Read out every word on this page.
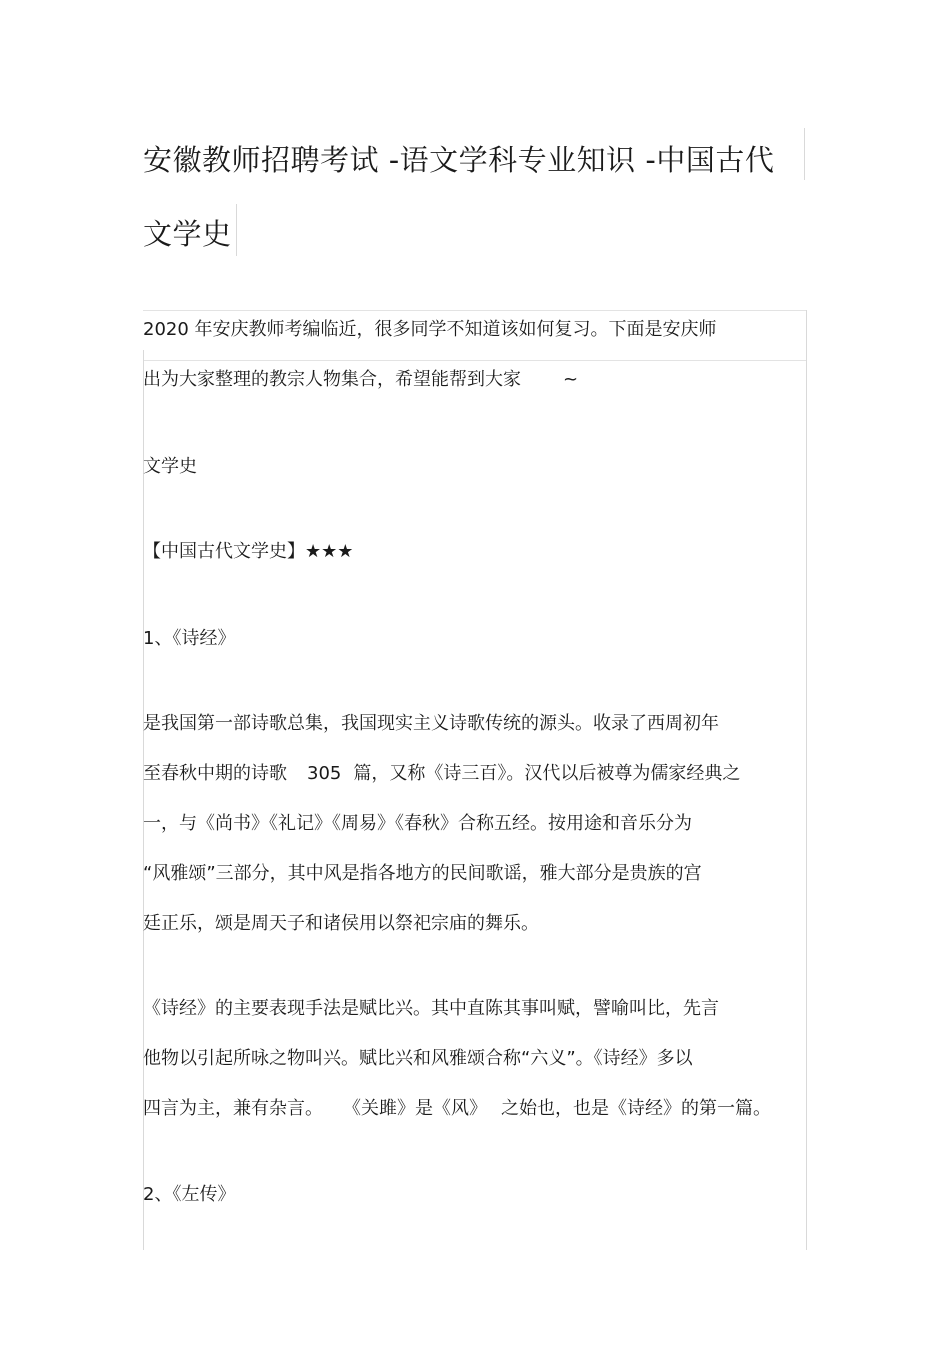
安徽教师招聘考试 -语文学科专业知识 -中国古代
文学史
2020 年安庆教师考编临近，很多同学不知道该如何复习。下面是安庆师
出为大家整理的教宗人物集合，希望能帮到大家 ~
文学史
【中国古代文学史】★★★
1、《诗经》
是我国第一部诗歌总集，我国现实主义诗歌传统的源头。收录了西周初年
至春秋中期的诗歌 305 篇，又称《诗三百》。汉代以后被尊为儒家经典之
一，与《尚书》《礼记》《周易》《春秋》合称五经。按用途和音乐分为
“风雅颂”三部分，其中风是指各地方的民间歌谣，雅大部分是贵族的宫
廷正乐，颂是周天子和诸侯用以祭祀宗庙的舞乐。
《诗经》的主要表现手法是赋比兴。其中直陈其事叫赋，譬喻叫比，先言
他物以引起所咏之物叫兴。赋比兴和风雅颂合称“六义”。《诗经》多以
四言为主，兼有杂言。 《关雎》是《风》 之始也，也是《诗经》的第一篇。
2、《左传》
